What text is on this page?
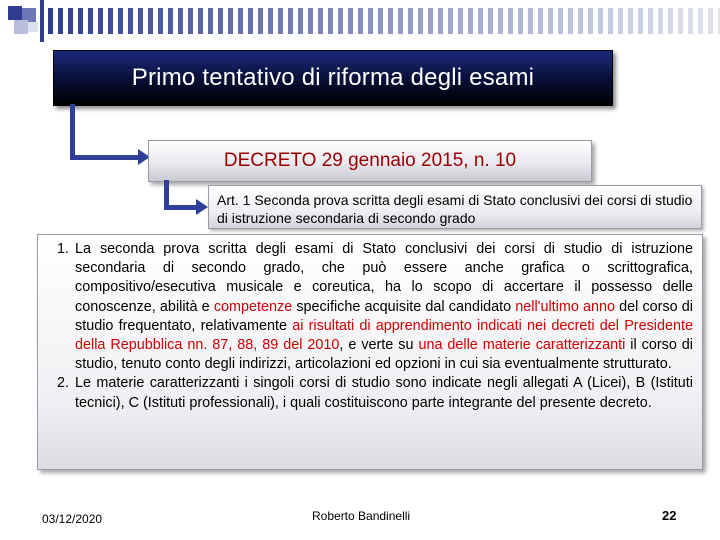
Primo tentativo di riforma degli esami
DECRETO 29 gennaio 2015, n. 10
Art. 1 Seconda prova scritta degli esami di Stato conclusivi dei corsi di studio di istruzione secondaria di secondo grado
1. La seconda prova scritta degli esami di Stato conclusivi dei corsi di studio di istruzione secondaria di secondo grado, che può essere anche grafica o scrittografica, compositivo/esecutiva musicale e coreutica, ha lo scopo di accertare il possesso delle conoscenze, abilità e competenze specifiche acquisite dal candidato nell'ultimo anno del corso di studio frequentato, relativamente ai risultati di apprendimento indicati nei decreti del Presidente della Repubblica nn. 87, 88, 89 del 2010, e verte su una delle materie caratterizzanti il corso di studio, tenuto conto degli indirizzi, articolazioni ed opzioni in cui sia eventualmente strutturato.
2. Le materie caratterizzanti i singoli corsi di studio sono indicate negli allegati A (Licei), B (Istituti tecnici), C (Istituti professionali), i quali costituiscono parte integrante del presente decreto.
03/12/2020	Roberto Bandinelli	22
